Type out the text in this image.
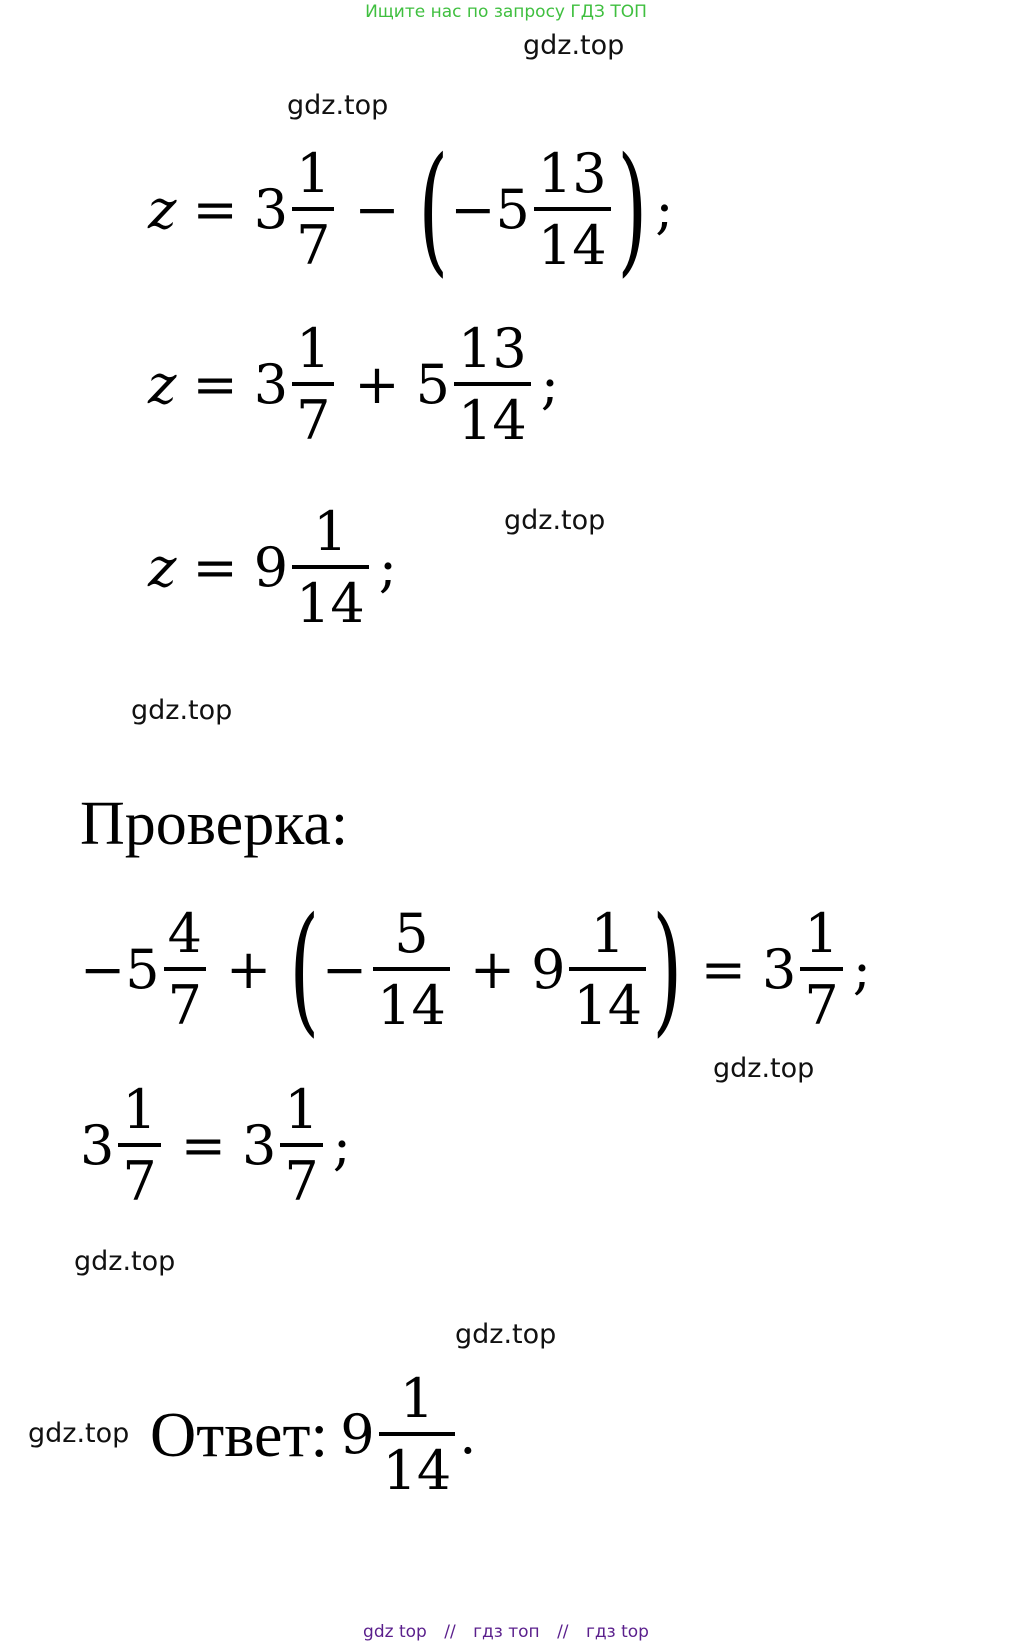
Ищите нас по запросу ГДЗ ТОП
gdz.top
gdz.top
gdz.top
gdz.top
gdz.top
gdz.top
gdz.top
gdz.top
$z = 3 \frac{1}{7}$ − ( $-5 \frac{13}{14}$ ) ;
$z = 3 \frac{1}{7} + 5 \frac{13}{14}$ ;
$z = 9 \frac{1}{14}$ ;
Проверка:
$-5 \frac{4}{7}$ + ( − $\frac{5}{14} + 9 \frac{1}{14}$ ) = $3 \frac{1}{7}$ ;
$3 \frac{1}{7} = 3 \frac{1}{7}$ ;
Ответ: $9 \frac{1}{14}$ .
gdz top // гдз топ // гдз top
